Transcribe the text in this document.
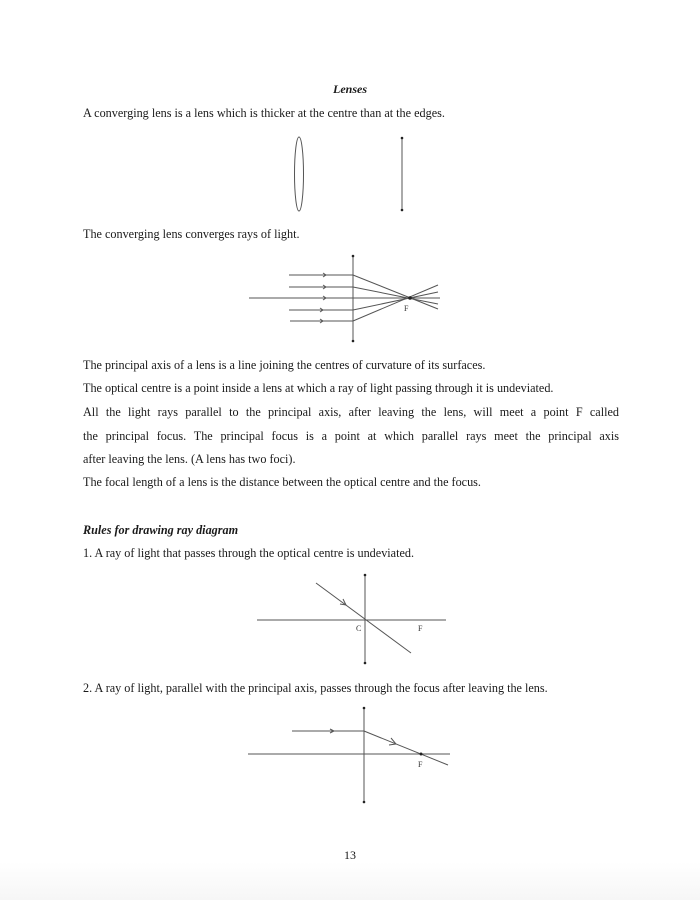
Lenses
A converging lens is a lens which is thicker at the centre than at the edges.
The converging lens converges rays of light.
F
The principal axis of a lens is a line joining the centres of curvature of its surfaces.
The optical centre is a point inside a lens at which a ray of light passing through it is undeviated.
All the light rays parallel to the principal axis, after leaving the lens, will meet a point F called
the principal focus. The principal focus is a point at which parallel rays meet the principal axis
after leaving the lens. (A lens has two foci).
The focal length of a lens is the distance between the optical centre and the focus.
Rules for drawing ray diagram
1. A ray of light that passes through the optical centre is undeviated.
C	F
2. A ray of light, parallel with the principal axis, passes through the focus after leaving the lens.
F
13
